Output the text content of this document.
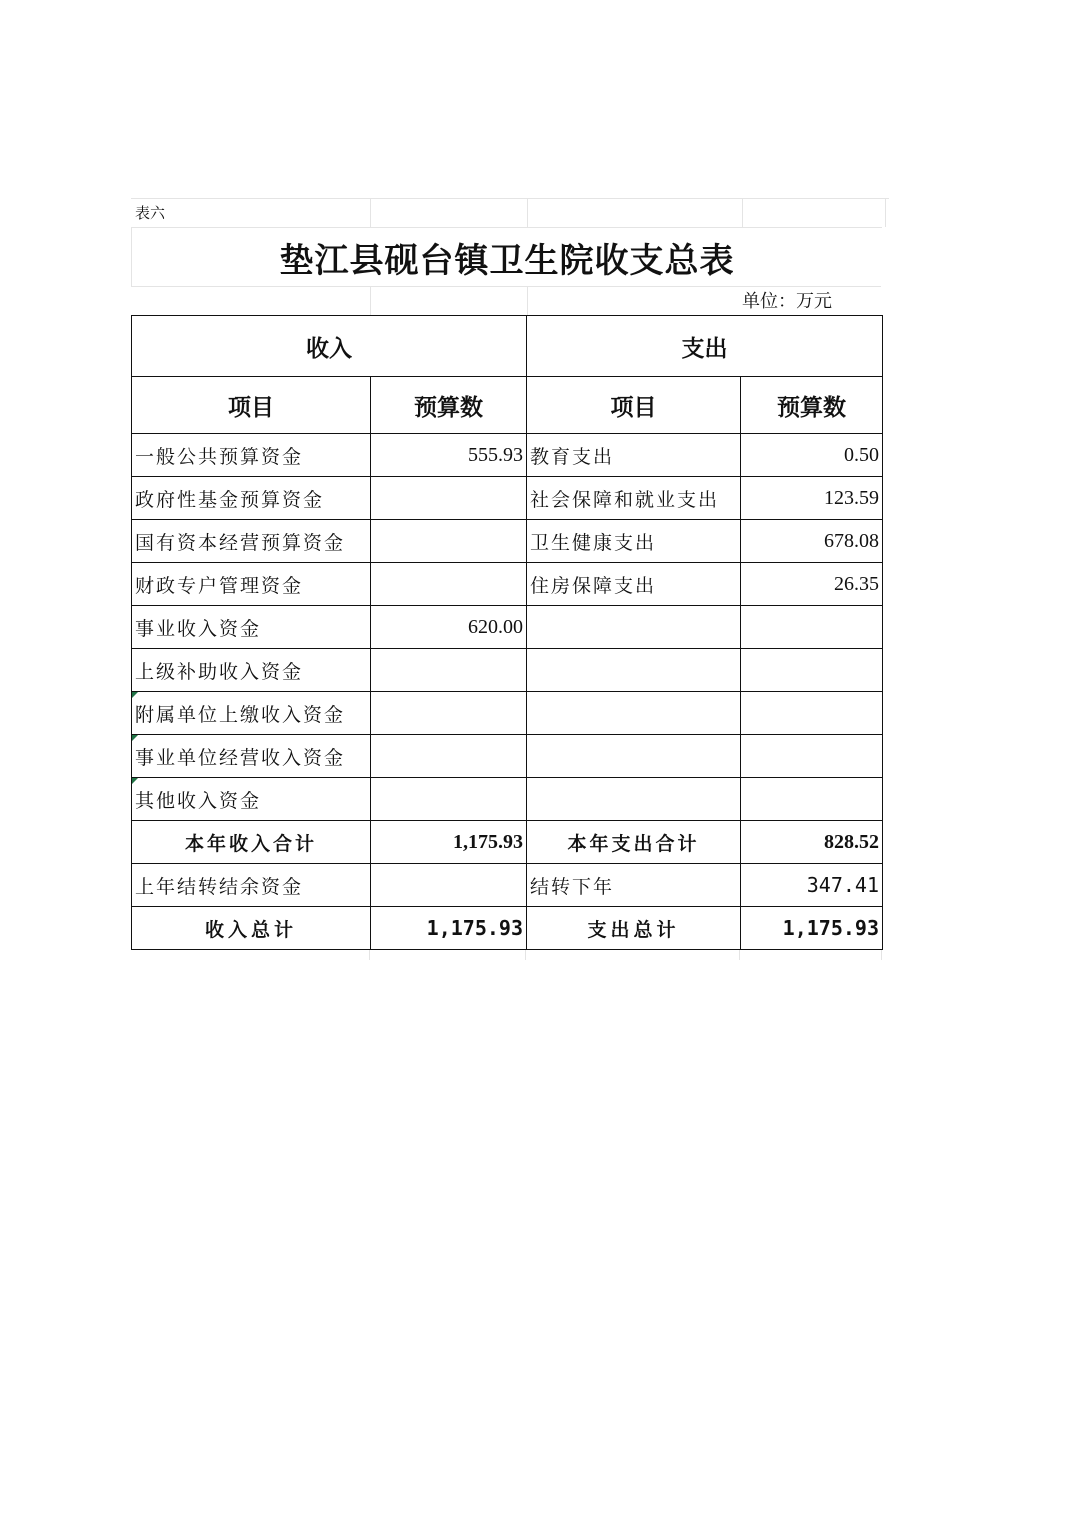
表六
垫江县砚台镇卫生院收支总表
单位：万元
收入		支出	
项目	预算数	项目	预算数
一般公共预算资金	555.93	教育支出	0.50
政府性基金预算资金		社会保障和就业支出	123.59
国有资本经营预算资金		卫生健康支出	678.08
财政专户管理资金		住房保障支出	26.35
事业收入资金	620.00		
上级补助收入资金			
附属单位上缴收入资金			
事业单位经营收入资金			
其他收入资金			
本年收入合计	1,175.93	本年支出合计	828.52
上年结转结余资金		结转下年	347.41
收入总计	1,175.93	支出总计	1,175.93
